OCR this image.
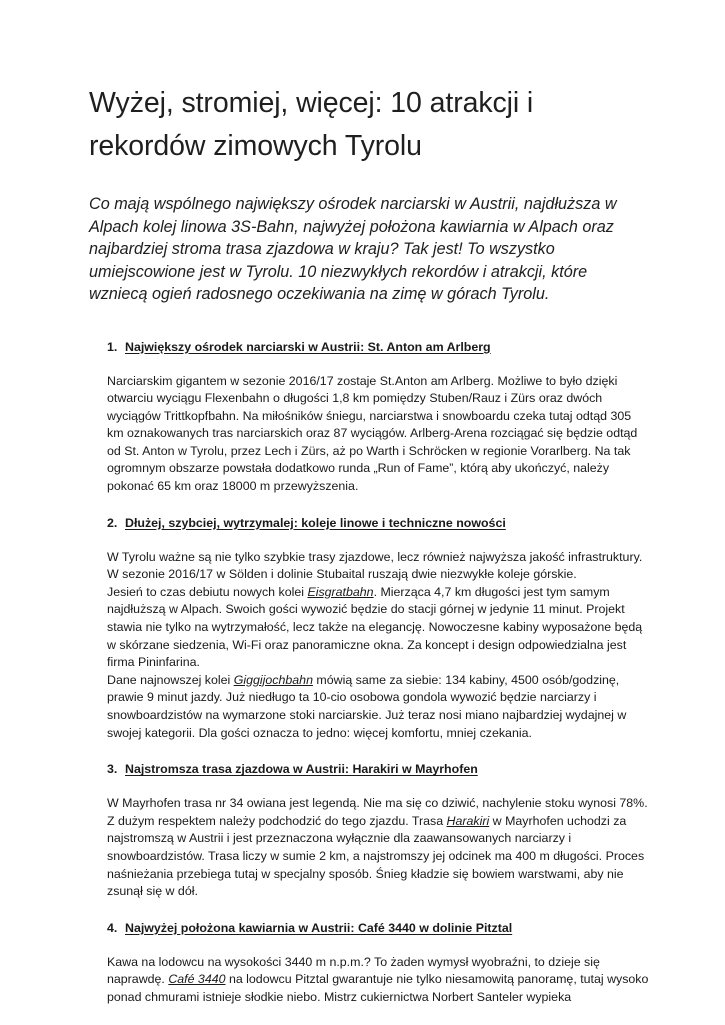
Wyżej, stromiej, więcej: 10 atrakcji i rekordów zimowych Tyrolu

Co mają wspólnego największy ośrodek narciarski w Austrii, najdłuższa w Alpach kolej linowa 3S-Bahn, najwyżej położona kawiarnia w Alpach oraz najbardziej stroma trasa zjazdowa w kraju? Tak jest! To wszystko umiejscowione jest w Tyrolu. 10 niezwykłych rekordów i atrakcji, które wzniecą ogień radosnego oczekiwania na zimę w górach Tyrolu.

1. Największy ośrodek narciarski w Austrii: St. Anton am Arlberg

Narciarskim gigantem w sezonie 2016/17 zostaje St.Anton am Arlberg. Możliwe to było dzięki otwarciu wyciągu Flexenbahn o długości 1,8 km pomiędzy Stuben/Rauz i Zürs oraz dwóch wyciągów Trittkopfbahn. Na miłośników śniegu, narciarstwa i snowboardu czeka tutaj odtąd 305 km oznakowanych tras narciarskich oraz 87 wyciągów. Arlberg-Arena rozciągać się będzie odtąd od St. Anton w Tyrolu, przez Lech i Zürs, aż po Warth i Schröcken w regionie Vorarlberg. Na tak ogromnym obszarze powstała dodatkowo runda „Run of Fame”, którą aby ukończyć, należy pokonać 65 km oraz 18000 m przewyższenia.

2. Dłużej, szybciej, wytrzymalej: koleje linowe i techniczne nowości

W Tyrolu ważne są nie tylko szybkie trasy zjazdowe, lecz również najwyższa jakość infrastruktury. W sezonie 2016/17 w Sölden i dolinie Stubaital ruszają dwie niezwykłe koleje górskie.

Jesień to czas debiutu nowych kolei Eisgratbahn. Mierząca 4,7 km długości jest tym samym najdłuższą w Alpach. Swoich gości wywozić będzie do stacji górnej w jedynie 11 minut. Projekt stawia nie tylko na wytrzymałość, lecz także na elegancję. Nowoczesne kabiny wyposażone będą w skórzane siedzenia, Wi-Fi oraz panoramiczne okna. Za koncept i design odpowiedzialna jest firma Pininfarina.

Dane najnowszej kolei Giggijochbahn mówią same za siebie: 134 kabiny, 4500 osób/godzinę, prawie 9 minut jazdy. Już niedługo ta 10-cio osobowa gondola wywozić będzie narciarzy i snowboardzistów na wymarzone stoki narciarskie. Już teraz nosi miano najbardziej wydajnej w swojej kategorii. Dla gości oznacza to jedno: więcej komfortu, mniej czekania.

3. Najstromsza trasa zjazdowa w Austrii: Harakiri w Mayrhofen

W Mayrhofen trasa nr 34 owiana jest legendą. Nie ma się co dziwić, nachylenie stoku wynosi 78%. Z dużym respektem należy podchodzić do tego zjazdu. Trasa Harakiri w Mayrhofen uchodzi za najstromszą w Austrii i jest przeznaczona wyłącznie dla zaawansowanych narciarzy i snowboardzistów. Trasa liczy w sumie 2 km, a najstromszy jej odcinek ma 400 m długości. Proces naśnieżania przebiega tutaj w specjalny sposób. Śnieg kładzie się bowiem warstwami, aby nie zsunął się w dół.

4. Najwyżej położona kawiarnia w Austrii: Café 3440 w dolinie Pitztal

Kawa na lodowcu na wysokości 3440 m n.p.m.? To żaden wymysł wyobraźni, to dzieje się naprawdę. Café 3440 na lodowcu Pitztal gwarantuje nie tylko niesamowitą panoramę, tutaj wysoko ponad chmurami istnieje słodkie niebo. Mistrz cukiernictwa Norbert Santeler wypieka
